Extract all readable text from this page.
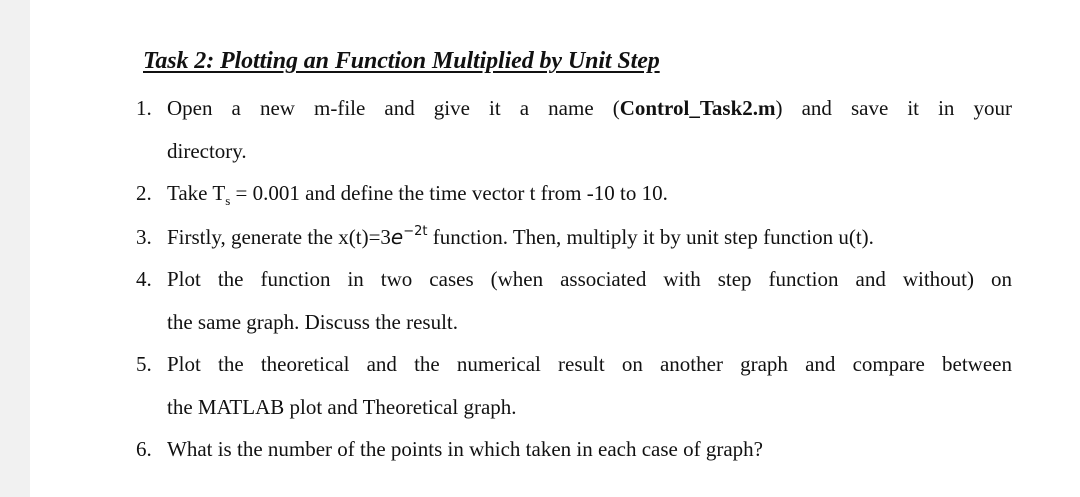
Task 2: Plotting an Function Multiplied by Unit Step
1. Open a new m-file and give it a name (Control_Task2.m) and save it in your
directory.
2. Take $T_s = 0.001$ and define the time vector t from -10 to 10.
3. Firstly, generate the $x(t)=3e^{-2t}$ function. Then, multiply it by unit step function u(t).
4. Plot the function in two cases (when associated with step function and without) on
the same graph. Discuss the result.
5. Plot the theoretical and the numerical result on another graph and compare between
the MATLAB plot and Theoretical graph.
6. What is the number of the points in which taken in each case of graph?
